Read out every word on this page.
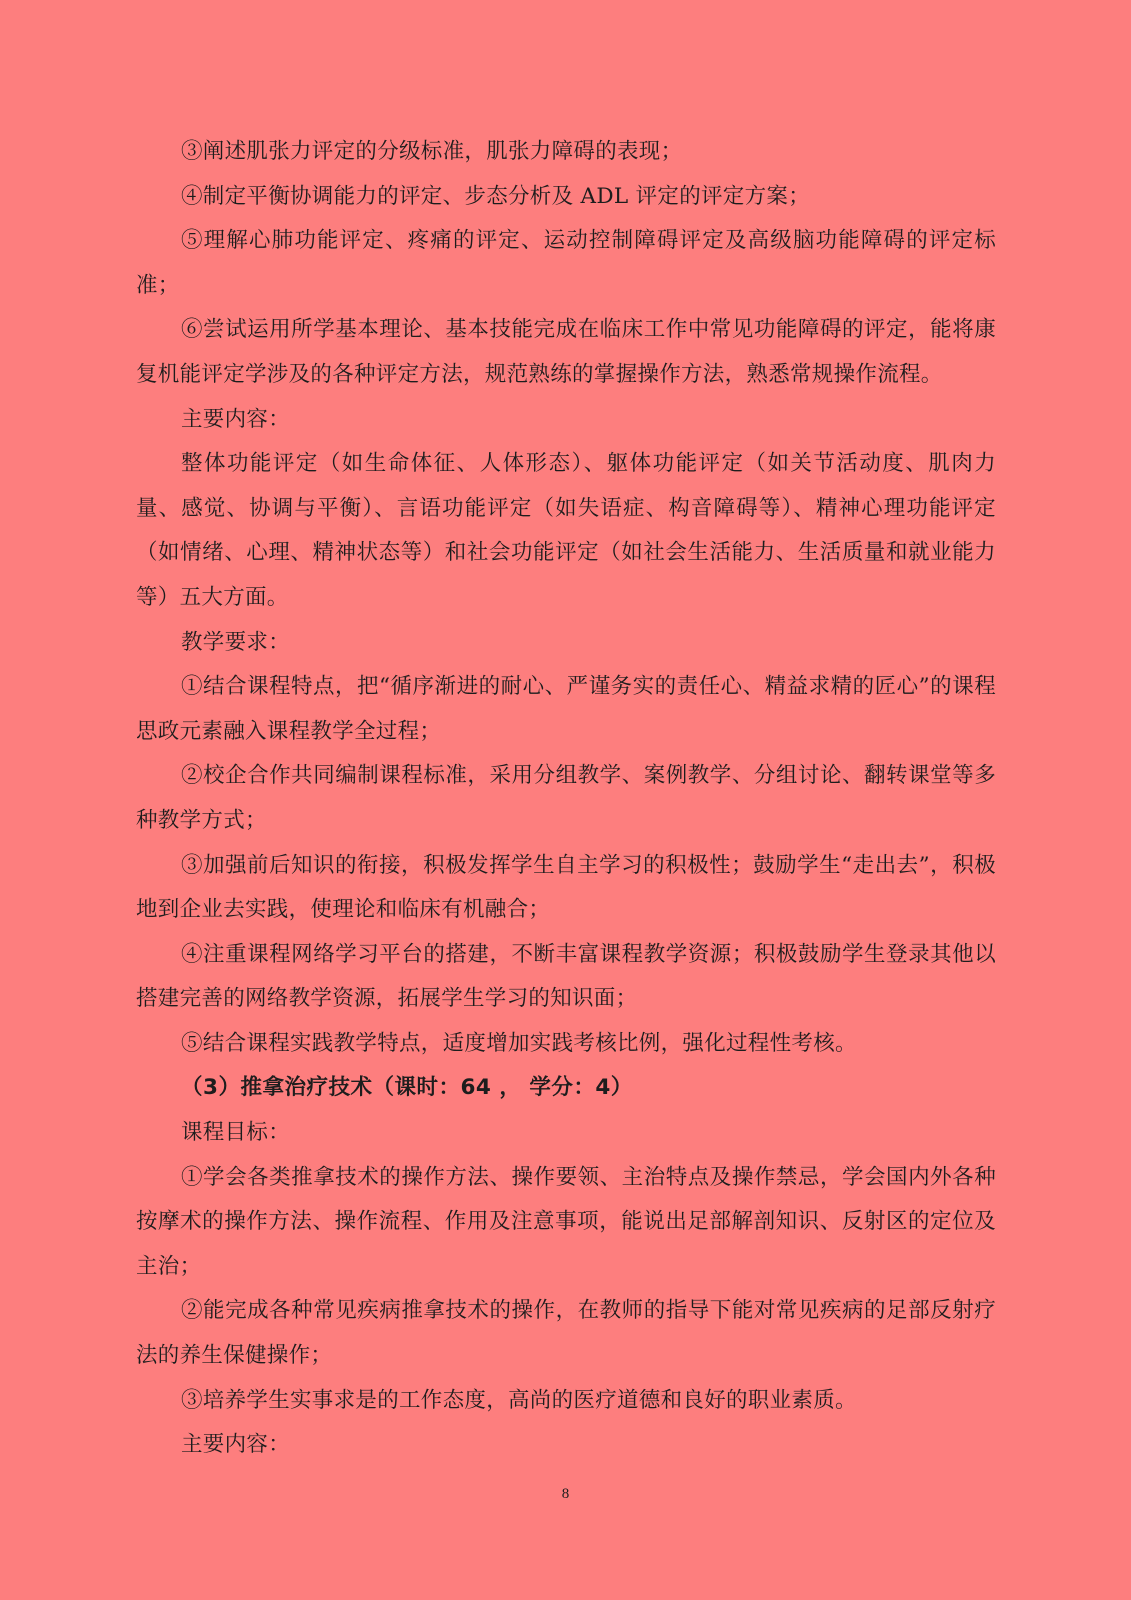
③阐述肌张力评定的分级标准，肌张力障碍的表现；

④制定平衡协调能力的评定、步态分析及 ADL 评定的评定方案；

⑤理解心肺功能评定、疼痛的评定、运动控制障碍评定及高级脑功能障碍的评定标准；

⑥尝试运用所学基本理论、基本技能完成在临床工作中常见功能障碍的评定，能将康复机能评定学涉及的各种评定方法，规范熟练的掌握操作方法，熟悉常规操作流程。

主要内容：

整体功能评定（如生命体征、人体形态）、躯体功能评定（如关节活动度、肌肉力量、感觉、协调与平衡）、言语功能评定（如失语症、构音障碍等）、精神心理功能评定（如情绪、心理、精神状态等）和社会功能评定（如社会生活能力、生活质量和就业能力等）五大方面。

教学要求：

①结合课程特点，把“循序渐进的耐心、严谨务实的责任心、精益求精的匠心”的课程思政元素融入课程教学全过程；

②校企合作共同编制课程标准，采用分组教学、案例教学、分组讨论、翻转课堂等多种教学方式；

③加强前后知识的衔接，积极发挥学生自主学习的积极性；鼓励学生“走出去”，积极地到企业去实践，使理论和临床有机融合；

④注重课程网络学习平台的搭建，不断丰富课程教学资源；积极鼓励学生登录其他以搭建完善的网络教学资源，拓展学生学习的知识面；

⑤结合课程实践教学特点，适度增加实践考核比例，强化过程性考核。

（3）推拿治疗技术（课时：64 ， 学分：4）

课程目标：

①学会各类推拿技术的操作方法、操作要领、主治特点及操作禁忌，学会国内外各种按摩术的操作方法、操作流程、作用及注意事项，能说出足部解剖知识、反射区的定位及主治；

②能完成各种常见疾病推拿技术的操作，在教师的指导下能对常见疾病的足部反射疗法的养生保健操作；

③培养学生实事求是的工作态度，高尚的医疗道德和良好的职业素质。

主要内容：

8
